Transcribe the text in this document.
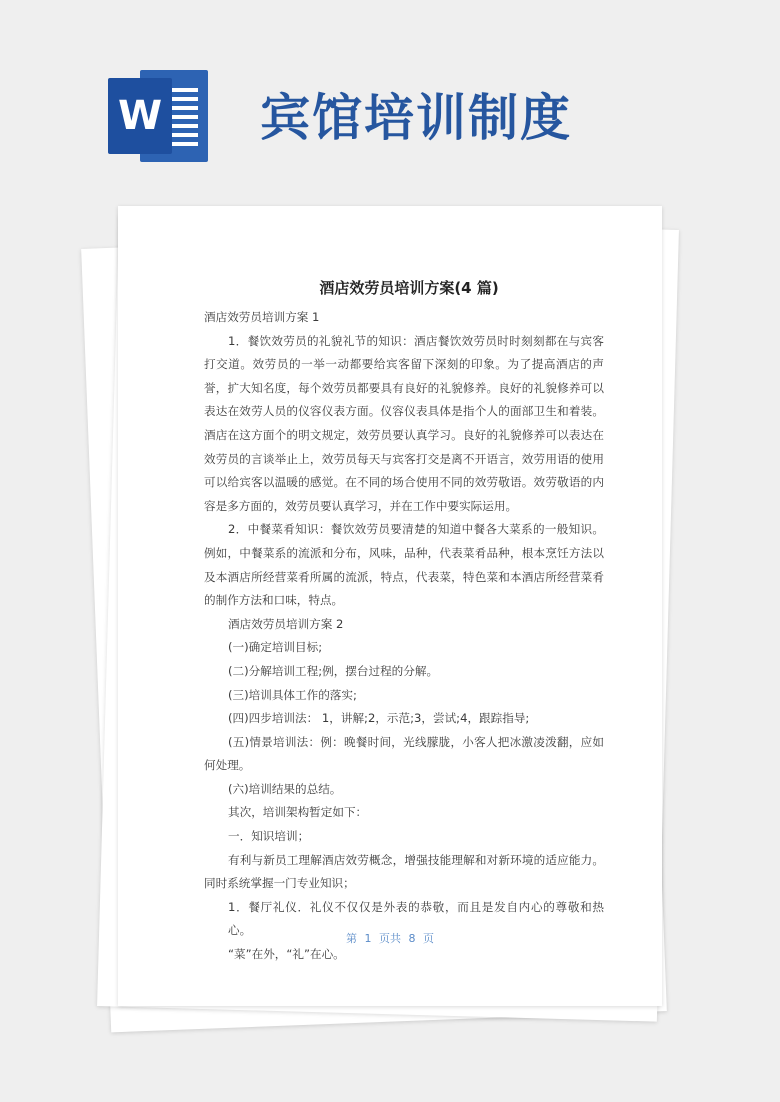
W 宾馆培训制度
酒店效劳员培训方案(4 篇)

酒店效劳员培训方案 1

1．餐饮效劳员的礼貌礼节的知识：酒店餐饮效劳员时时刻刻都在与宾客打交道。效劳员的一举一动都要给宾客留下深刻的印象。为了提高酒店的声誉，扩大知名度，每个效劳员都要具有良好的礼貌修养。良好的礼貌修养可以表达在效劳人员的仪容仪表方面。仪容仪表具体是指个人的面部卫生和着装。酒店在这方面个的明文规定，效劳员要认真学习。良好的礼貌修养可以表达在效劳员的言谈举止上，效劳员每天与宾客打交是离不开语言，效劳用语的使用可以给宾客以温暖的感觉。在不同的场合使用不同的效劳敬语。效劳敬语的内容是多方面的，效劳员要认真学习，并在工作中要实际运用。

2．中餐菜肴知识：餐饮效劳员要清楚的知道中餐各大菜系的一般知识。例如，中餐菜系的流派和分布，风味，品种，代表菜肴品种，根本烹饪方法以及本酒店所经营菜肴所属的流派，特点，代表菜，特色菜和本酒店所经营菜肴的制作方法和口味，特点。

酒店效劳员培训方案 2

(一)确定培训目标;

(二)分解培训工程;例，摆台过程的分解。

(三)培训具体工作的落实;

(四)四步培训法： 1，讲解;2，示范;3，尝试;4，跟踪指导;

(五)情景培训法：例：晚餐时间，光线朦胧，小客人把冰激凌泼翻，应如何处理。

(六)培训结果的总结。

其次，培训架构暂定如下：

一．知识培训；

有利与新员工理解酒店效劳概念，增强技能理解和对新环境的适应能力。同时系统掌握一门专业知识；

1．餐厅礼仪．礼仪不仅仅是外表的恭敬，而且是发自内心的尊敬和热心。

“菜”在外，“礼”在心。

第 1 页共 8 页
